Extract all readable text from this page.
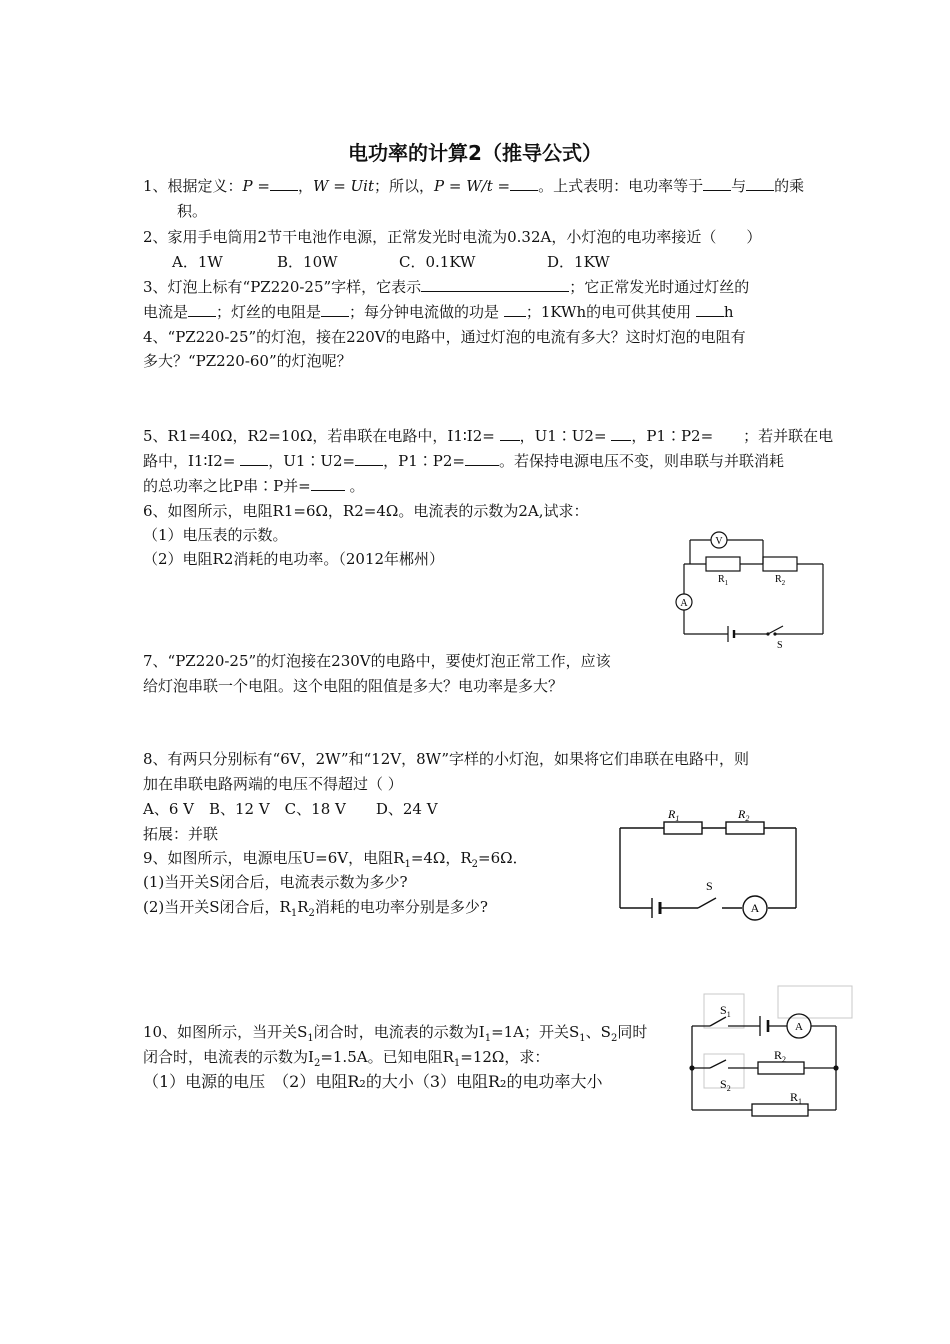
电功率的计算2（推导公式）
1、根据定义：P = ，W = Uit；所以，P = W/t = 。上式表明：电功率等于 与 的乘
积。
2、家用手电筒用2节干电池作电源，正常发光时电流为0.32A，小灯泡的电功率接近（　　）
A．1W	B．10W	C．0.1KW	D．1KW
3、灯泡上标有“PZ220-25”字样，它表示	；它正常发光时通过灯丝的
电流是 ；灯丝的电阻是 ；每分钟电流做的功是 ；1KWh的电可供其使用 h
4、“PZ220-25”的灯泡，接在220V的电路中，通过灯泡的电流有多大？这时灯泡的电阻有
多大？“PZ220-60”的灯泡呢？
5、R1=40Ω，R2=10Ω，若串联在电路中，I1∶I2= ，U1∶U2= ，P1∶P2=　　；若并联在电
路中，I1∶I2= ，U1∶U2= ，P1∶P2= 。若保持电源电压不变，则串联与并联消耗
的总功率之比P串∶P并= 。
6、如图所示，电阻R1=6Ω，R2=4Ω。电流表的示数为2A,试求：
（1）电压表的示数。
（2）电阻R2消耗的电功率。（2012年郴州）
V
A
$R_1$	$R_2$
S
7、“PZ220-25”的灯泡接在230V的电路中，要使灯泡正常工作，应该
给灯泡串联一个电阻。这个电阻的阻值是多大？电功率是多大？
8、有两只分别标有“6V，2W”和“12V，8W”字样的小灯泡，如果将它们串联在电路中，则
加在串联电路两端的电压不得超过（ ）
A、6 V　B、12 V　C、18 V　　D、24 V
拓展：并联
9、如图所示，电源电压U=6V，电阻$R_1=4\Omega$，$R_2=6\Omega$．
(1)当开关S闭合后，电流表示数为多少?
(2)当开关S闭合后，$R_1R_2$消耗的电功率分别是多少?
$R_1$	$R_2$
S
A
10、如图所示，当开关$S_1$闭合时，电流表的示数为$I_1=1A$；开关$S_1$、$S_2$同时
闭合时，电流表的示数为$I_2=1.5A$。已知电阻$R_1=12\Omega$，求：
（1）电源的电压　（2）电阻R₂的大小（3）电阻R₂的电功率大小
$S_1$
$S_2$
A
$R_2$
$R_1$
